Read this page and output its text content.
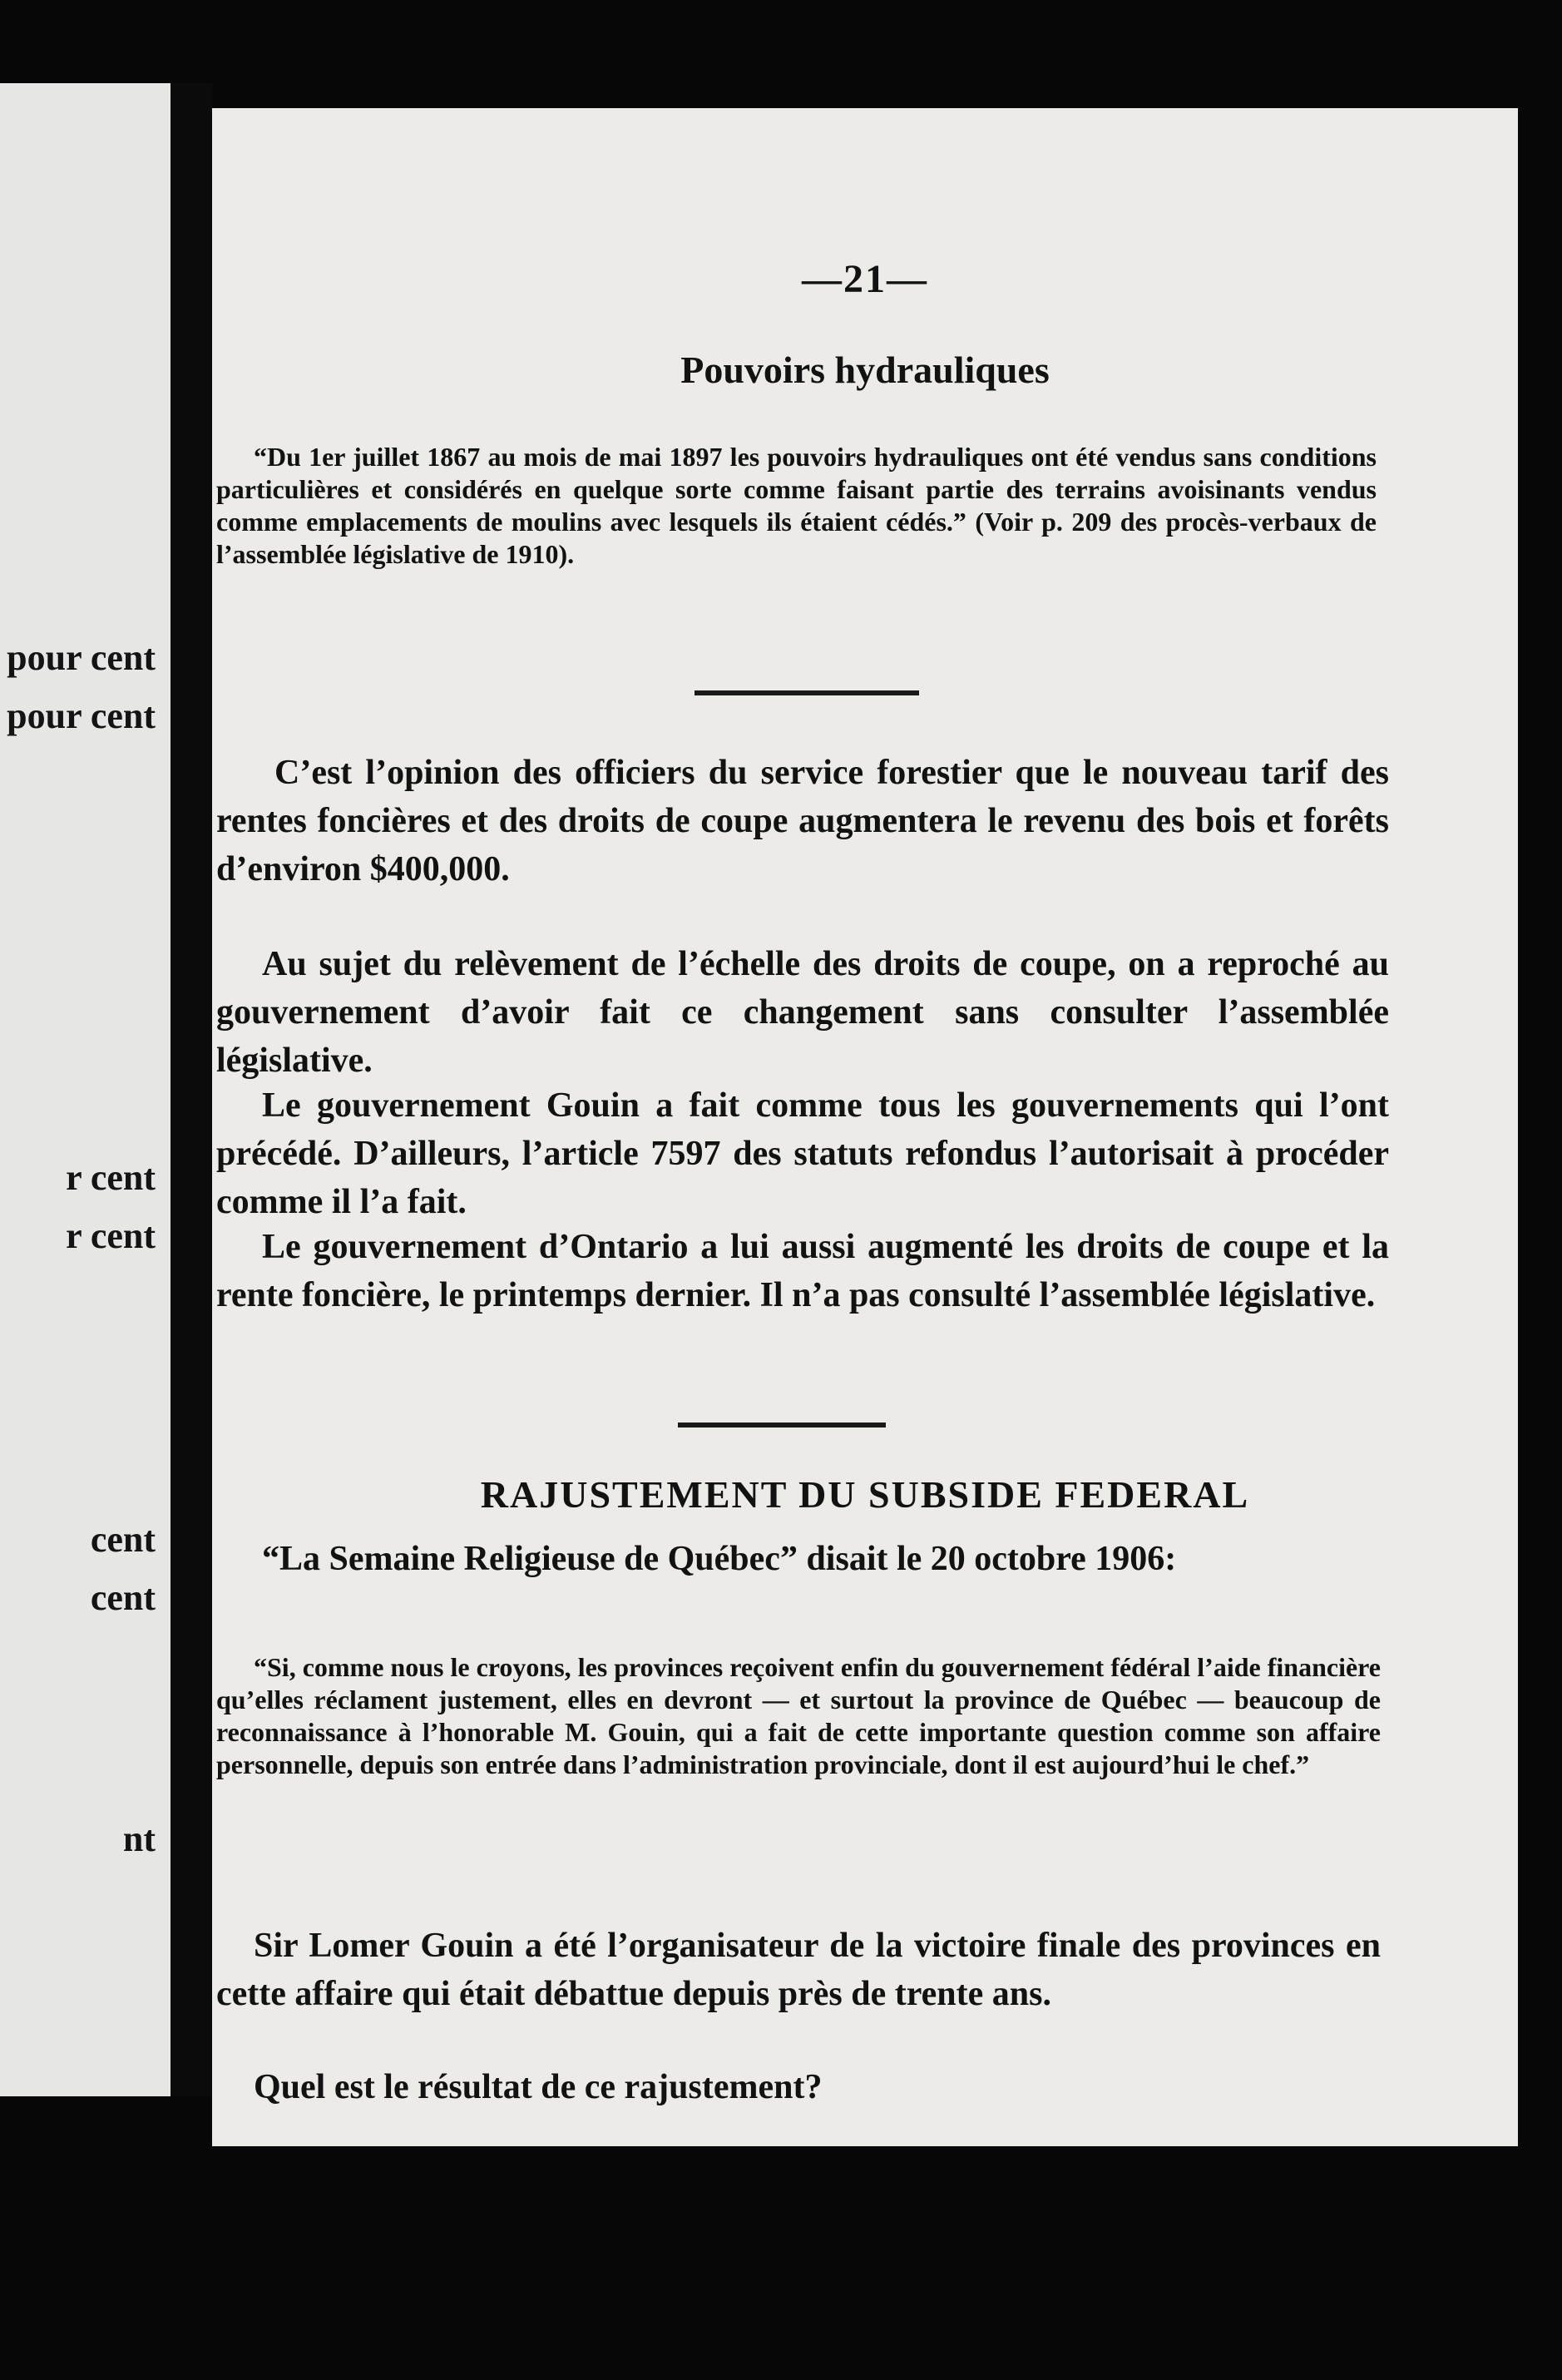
pour cent
pour cent
r cent
r cent
cent
cent
nt
—21—
Pouvoirs hydrauliques

“Du 1er juillet 1867 au mois de mai 1897 les pouvoirs hydrauliques ont été vendus sans conditions particulières et considérés en quelque sorte comme faisant partie des terrains avoisinants vendus comme emplacements de moulins avec lesquels ils étaient cédés.” (Voir p. 209 des procès-verbaux de l’assemblée législative de 1910).

C’est l’opinion des officiers du service forestier que le nouveau tarif des rentes foncières et des droits de coupe augmentera le revenu des bois et forêts d’environ $400,000.

Au sujet du relèvement de l’échelle des droits de coupe, on a reproché au gouvernement d’avoir fait ce changement sans consulter l’assemblée législative.

Le gouvernement Gouin a fait comme tous les gouvernements qui l’ont précédé. D’ailleurs, l’article 7597 des statuts refondus l’autorisait à procéder comme il l’a fait.

Le gouvernement d’Ontario a lui aussi augmenté les droits de coupe et la rente foncière, le printemps dernier. Il n’a pas consulté l’assemblée législative.

RAJUSTEMENT DU SUBSIDE FEDERAL

“La Semaine Religieuse de Québec” disait le 20 octobre 1906:

“Si, comme nous le croyons, les provinces reçoivent enfin du gouvernement fédéral l’aide financière qu’elles réclament justement, elles en devront — et surtout la province de Québec — beaucoup de reconnaissance à l’honorable M. Gouin, qui a fait de cette importante question comme son affaire personnelle, depuis son entrée dans l’administration provinciale, dont il est aujourd’hui le chef.”

Sir Lomer Gouin a été l’organisateur de la victoire finale des provinces en cette affaire qui était débattue depuis près de trente ans.

Quel est le résultat de ce rajustement?
